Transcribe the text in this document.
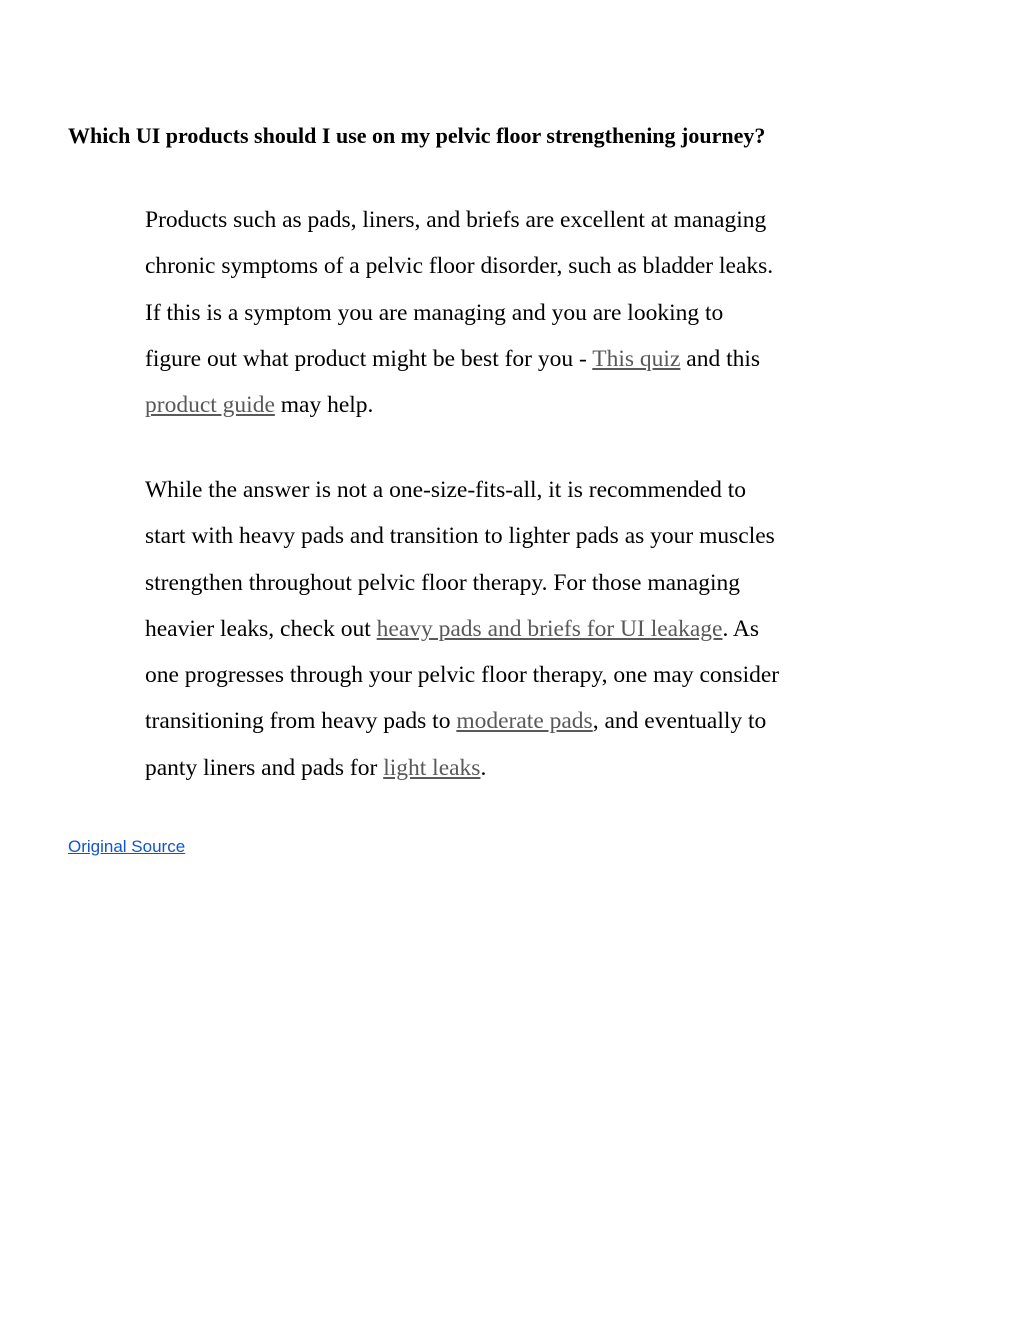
Which UI products should I use on my pelvic floor strengthening journey?

Products such as pads, liners, and briefs are excellent at managing
chronic symptoms of a pelvic floor disorder, such as bladder leaks.
If this is a symptom you are managing and you are looking to
figure out what product might be best for you - This quiz and this
product guide may help.

While the answer is not a one-size-fits-all, it is recommended to
start with heavy pads and transition to lighter pads as your muscles
strengthen throughout pelvic floor therapy. For those managing
heavier leaks, check out heavy pads and briefs for UI leakage. As
one progresses through your pelvic floor therapy, one may consider
transitioning from heavy pads to moderate pads, and eventually to
panty liners and pads for light leaks.

Original Source
